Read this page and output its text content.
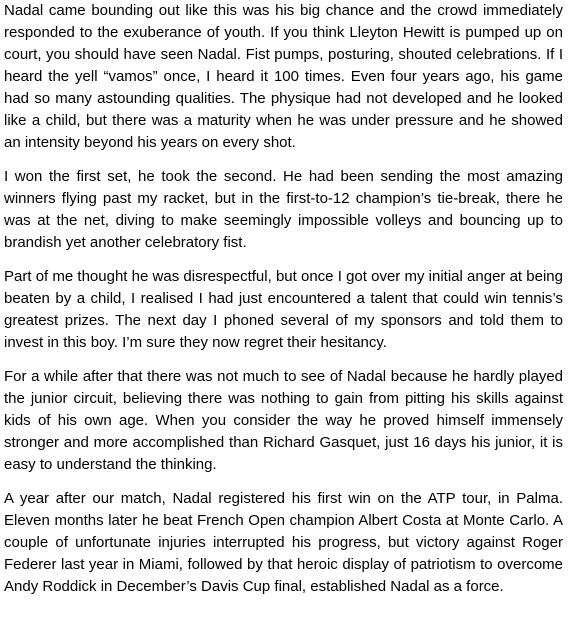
Nadal came bounding out like this was his big chance and the crowd immediately responded to the exuberance of youth. If you think Lleyton Hewitt is pumped up on court, you should have seen Nadal. Fist pumps, posturing, shouted celebrations. If I heard the yell “vamos” once, I heard it 100 times. Even four years ago, his game had so many astounding qualities. The physique had not developed and he looked like a child, but there was a maturity when he was under pressure and he showed an intensity beyond his years on every shot.

I won the first set, he took the second. He had been sending the most amazing winners flying past my racket, but in the first-to-12 champion’s tie-break, there he was at the net, diving to make seemingly impossible volleys and bouncing up to brandish yet another celebratory fist.

Part of me thought he was disrespectful, but once I got over my initial anger at being beaten by a child, I realised I had just encountered a talent that could win tennis’s greatest prizes. The next day I phoned several of my sponsors and told them to invest in this boy. I’m sure they now regret their hesitancy.

For a while after that there was not much to see of Nadal because he hardly played the junior circuit, believing there was nothing to gain from pitting his skills against kids of his own age. When you consider the way he proved himself immensely stronger and more accomplished than Richard Gasquet, just 16 days his junior, it is easy to understand the thinking.

A year after our match, Nadal registered his first win on the ATP tour, in Palma. Eleven months later he beat French Open champion Albert Costa at Monte Carlo. A couple of unfortunate injuries interrupted his progress, but victory against Roger Federer last year in Miami, followed by that heroic display of patriotism to overcome Andy Roddick in December’s Davis Cup final, established Nadal as a force.
